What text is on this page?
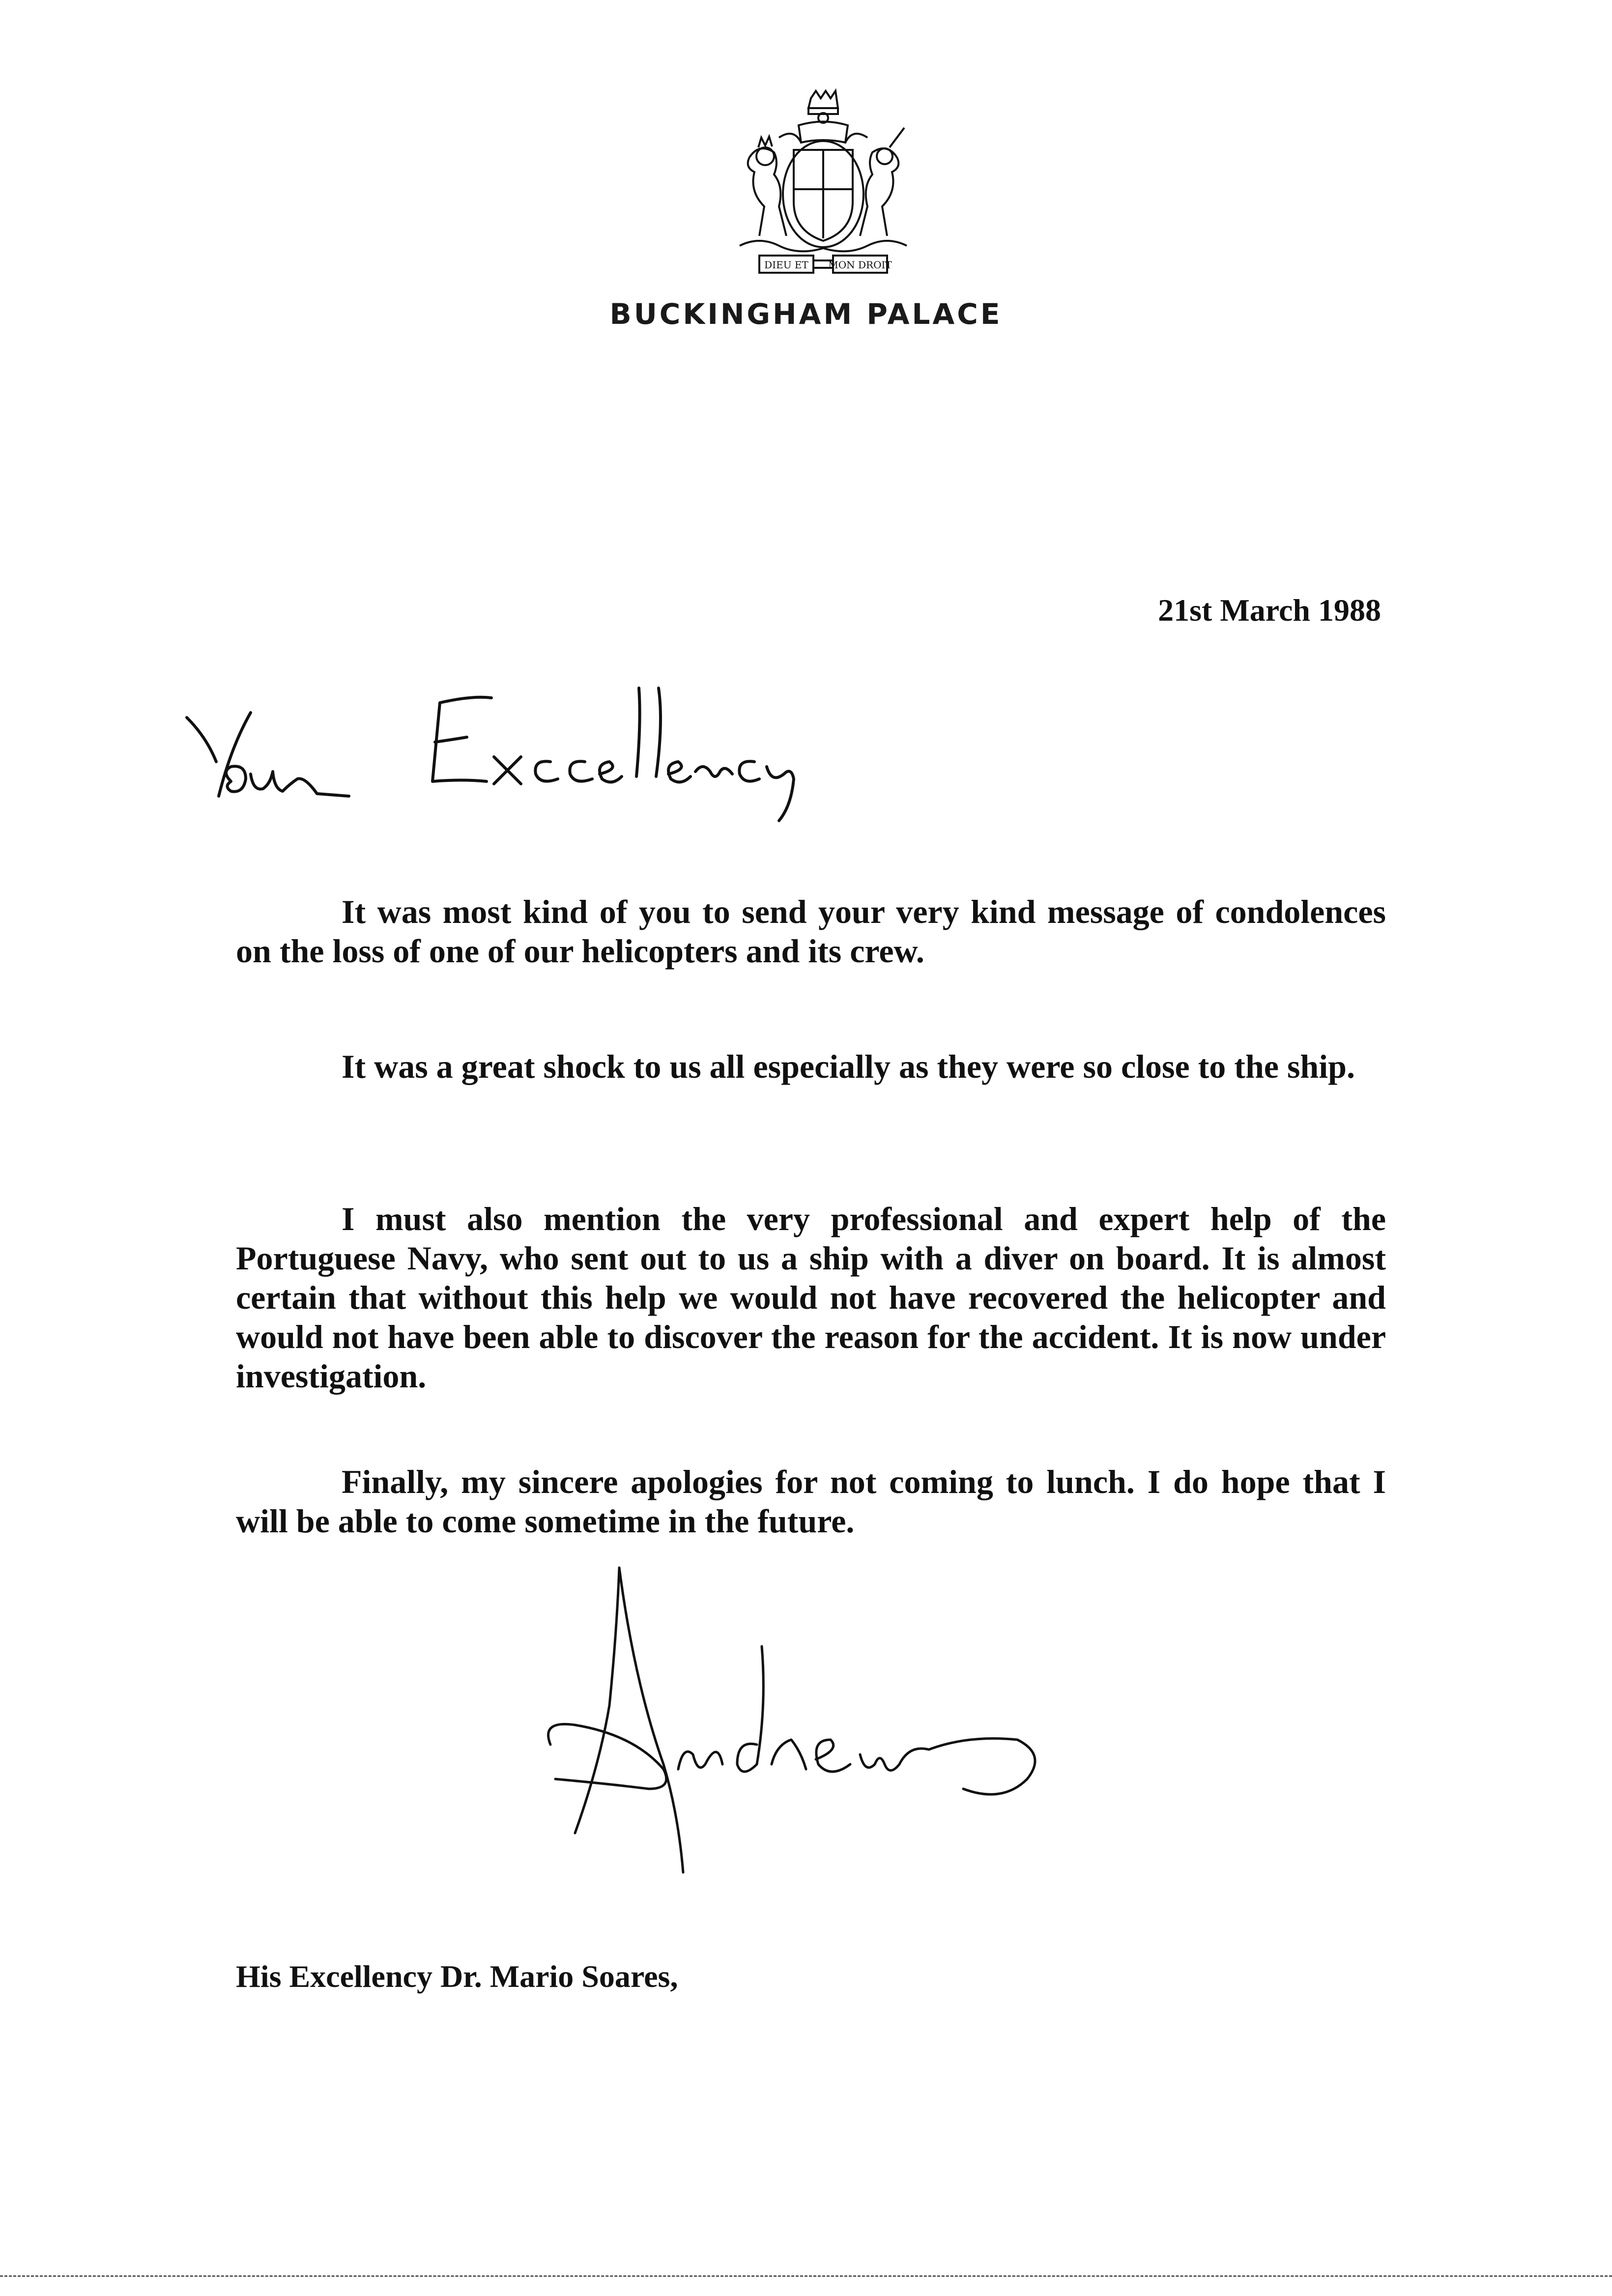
DIEU ET MON DROIT
BUCKINGHAM PALACE
21st March 1988

It was most kind of you to send your very kind message of condolences on the loss of one of our helicopters and its crew.

It was a great shock to us all especially as they were so close to the ship.

I must also mention the very professional and expert help of the Portuguese Navy, who sent out to us a ship with a diver on board. It is almost certain that without this help we would not have recovered the helicopter and would not have been able to discover the reason for the accident. It is now under investigation.

Finally, my sincere apologies for not coming to lunch. I do hope that I will be able to come sometime in the future.

His Excellency Dr. Mario Soares,
